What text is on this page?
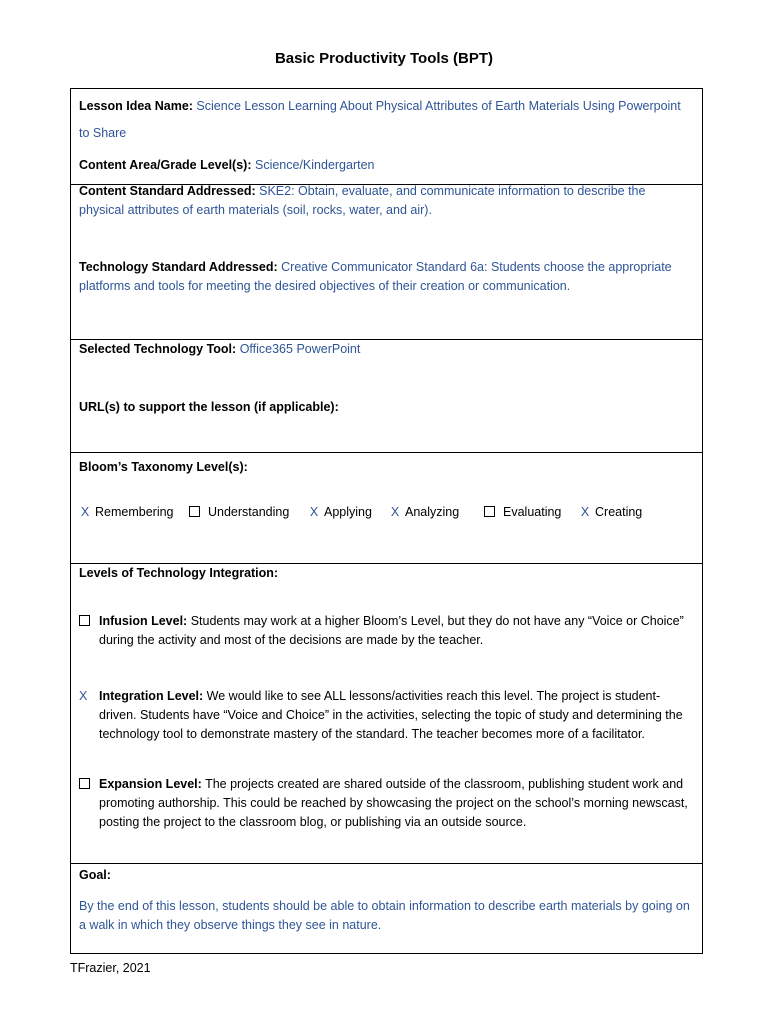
Basic Productivity Tools (BPT)
Lesson Idea Name: Science Lesson Learning About Physical Attributes of Earth Materials Using Powerpoint to Share
Content Area/Grade Level(s): Science/Kindergarten
Content Standard Addressed: SKE2: Obtain, evaluate, and communicate information to describe the physical attributes of earth materials (soil, rocks, water, and air).
Technology Standard Addressed: Creative Communicator Standard 6a: Students choose the appropriate platforms and tools for meeting the desired objectives of their creation or communication.
Selected Technology Tool: Office365 PowerPoint
URL(s) to support the lesson (if applicable):
Bloom’s Taxonomy Level(s):
X Remembering	Understanding X Applying X Analyzing	Evaluating X Creating
Levels of Technology Integration:
Infusion Level: Students may work at a higher Bloom’s Level, but they do not have any “Voice or Choice” during the activity and most of the decisions are made by the teacher.
X Integration Level: We would like to see ALL lessons/activities reach this level. The project is student-driven. Students have “Voice and Choice” in the activities, selecting the topic of study and determining the technology tool to demonstrate mastery of the standard. The teacher becomes more of a facilitator.
Expansion Level: The projects created are shared outside of the classroom, publishing student work and promoting authorship. This could be reached by showcasing the project on the school’s morning newscast, posting the project to the classroom blog, or publishing via an outside source.
Goal:
By the end of this lesson, students should be able to obtain information to describe earth materials by going on a walk in which they observe things they see in nature.
TFrazier, 2021
